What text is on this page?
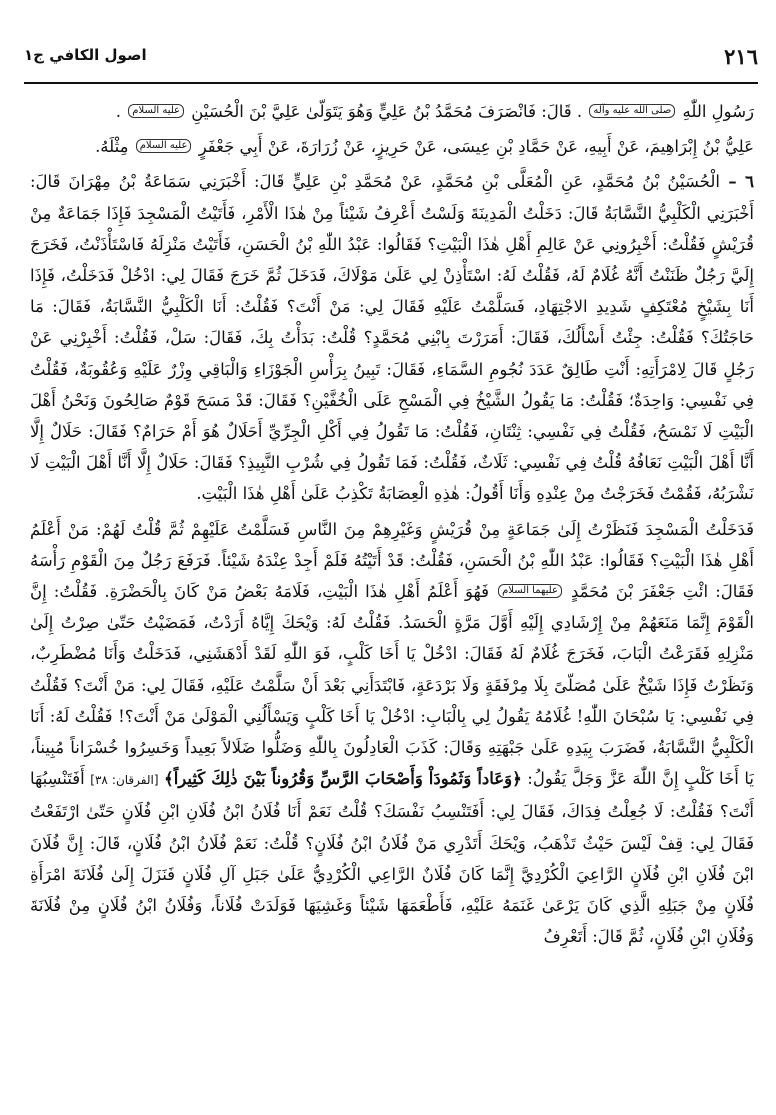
٢١٦
اصول الكافي ج١

رَسُولِ اللّٰهِ صلى الله عليه وآله . قَالَ: فَانْصَرَفَ مُحَمَّدُ بْنُ عَلِيٍّ وَهُوَ يَتَوَلّىٰ عَلِيَّ بْنَ الْحُسَيْنِ عليه السلام .

عَلِيُّ بْنُ إِبْرَاهِيمَ، عَنْ أَبِيهِ، عَنْ حَمَّادِ بْنِ عِيسَى، عَنْ حَرِيزٍ، عَنْ زُرَارَةَ، عَنْ أَبِي جَعْفَرٍ عليه السلام مِثْلَهُ.

٦ – الْحُسَيْنُ بْنُ مُحَمَّدٍ، عَنِ الْمُعَلَّى بْنِ مُحَمَّدٍ، عَنْ مُحَمَّدِ بْنِ عَلِيٍّ قَالَ: أَخْبَرَنِي سَمَاعَةُ بْنُ مِهْرَانَ قَالَ: أَخْبَرَنِي الْكَلْبِيُّ النَّسَّابَةُ قَالَ: دَخَلْتُ الْمَدِينَةَ وَلَسْتُ أَعْرِفُ شَيْئاً مِنْ هٰذَا الْأَمْرِ، فَأَتَيْتُ الْمَسْجِدَ فَإِذَا جَمَاعَةٌ مِنْ قُرَيْشٍ فَقُلْتُ: أَخْبِرُونِي عَنْ عَالِمِ أَهْلِ هٰذَا الْبَيْتِ؟ فَقَالُوا: عَبْدُ اللّٰهِ بْنُ الْحَسَنِ، فَأَتَيْتُ مَنْزِلَهُ فَاسْتَأْذَنْتُ، فَخَرَجَ إِلَيَّ رَجُلٌ ظَنَنْتُ أَنَّهُ غُلَامٌ لَهُ، فَقُلْتُ لَهُ: اسْتَأْذِنْ لِي عَلَىٰ مَوْلَاكَ، فَدَخَلَ ثُمَّ خَرَجَ فَقَالَ لِي: ادْخُلْ فَدَخَلْتُ، فَإِذَا أَنَا بِشَيْخٍ مُعْتَكِفٍ شَدِيدِ الاجْتِهَادِ، فَسَلَّمْتُ عَلَيْهِ فَقَالَ لِي: مَنْ أَنْتَ؟ فَقُلْتُ: أَنَا الْكَلْبِيُّ النَّسَّابَةُ، فَقَالَ: مَا حَاجَتُكَ؟ فَقُلْتُ: جِئْتُ أَسْأَلُكَ، فَقَالَ: أَمَرَرْتَ بِابْنِي مُحَمَّدٍ؟ قُلْتُ: بَدَأْتُ بِكَ، فَقَالَ: سَلْ، فَقُلْتُ: أَخْبِرْنِي عَنْ رَجُلٍ قَالَ لِامْرَأَتِهِ: أَنْتِ طَالِقٌ عَدَدَ نُجُومِ السَّمَاءِ، فَقَالَ: تَبِينُ بِرَأْسِ الْجَوْزَاءِ وَالْبَاقِي وِزْرٌ عَلَيْهِ وَعُقُوبَةٌ، فَقُلْتُ فِي نَفْسِي: وَاحِدَةٌ؛ فَقُلْتُ: مَا يَقُولُ الشَّيْخُ فِي الْمَسْحِ عَلَى الْخُفَّيْنِ؟ فَقَالَ: قَدْ مَسَحَ قَوْمٌ صَالِحُونَ وَنَحْنُ أَهْلَ الْبَيْتِ لَا نَمْسَحُ، فَقُلْتُ فِي نَفْسِي: ثِنْتَانِ، فَقُلْتُ: مَا تَقُولُ فِي أَكْلِ الْجِرِّيِّ أَحَلَالٌ هُوَ أَمْ حَرَامٌ؟ فَقَالَ: حَلَالٌ إِلَّا أَنَّا أَهْلَ الْبَيْتِ نَعَافُهُ قُلْتُ فِي نَفْسِي: ثَلَاثٌ، فَقُلْتُ: فَمَا تَقُولُ فِي شُرْبِ النَّبِيذِ؟ فَقَالَ: حَلَالٌ إِلَّا أَنَّا أَهْلَ الْبَيْتِ لَا نَشْرَبُهُ، فَقُمْتُ فَخَرَجْتُ مِنْ عِنْدِهِ وَأَنَا أَقُولُ: هٰذِهِ الْعِصَابَةُ تَكْذِبُ عَلَىٰ أَهْلِ هٰذَا الْبَيْتِ.

فَدَخَلْتُ الْمَسْجِدَ فَنَظَرْتُ إِلَىٰ جَمَاعَةٍ مِنْ قُرَيْشٍ وَغَيْرِهِمْ مِنَ النَّاسِ فَسَلَّمْتُ عَلَيْهِمْ ثُمَّ قُلْتُ لَهُمْ: مَنْ أَعْلَمُ أَهْلِ هٰذَا الْبَيْتِ؟ فَقَالُوا: عَبْدُ اللّٰهِ بْنُ الْحَسَنِ، فَقُلْتُ: قَدْ أَتَيْتُهُ فَلَمْ أَجِدْ عِنْدَهُ شَيْئاً. فَرَفَعَ رَجُلٌ مِنَ الْقَوْمِ رَأْسَهُ فَقَالَ: ائْتِ جَعْفَرَ بْنَ مُحَمَّدٍ عليهما السلام فَهُوَ أَعْلَمُ أَهْلِ هٰذَا الْبَيْتِ، فَلَامَهُ بَعْضُ مَنْ كَانَ بِالْحَضْرَةِ. فَقُلْتُ: إِنَّ الْقَوْمَ إِنَّمَا مَنَعَهُمْ مِنْ إِرْشَادِي إِلَيْهِ أَوَّلَ مَرَّةٍ الْحَسَدُ. فَقُلْتُ لَهُ: وَيْحَكَ إِيَّاهُ أَرَدْتُ، فَمَضَيْتُ حَتّىٰ صِرْتُ إِلَىٰ مَنْزِلِهِ فَقَرَعْتُ الْبَابَ، فَخَرَجَ غُلَامٌ لَهُ فَقَالَ: ادْخُلْ يَا أَخَا كَلْبٍ، فَوَ اللّٰهِ لَقَدْ أَدْهَشَنِي، فَدَخَلْتُ وَأَنَا مُضْطَرِبٌ، وَنَظَرْتُ فَإِذَا شَيْخٌ عَلَىٰ مُصَلّىً بِلَا مِرْفَقَةٍ وَلَا بَرْدَعَةٍ، فَابْتَدَأَنِي بَعْدَ أَنْ سَلَّمْتُ عَلَيْهِ، فَقَالَ لِي: مَنْ أَنْتَ؟ فَقُلْتُ فِي نَفْسِي: يَا سُبْحَانَ اللّٰهِ! غُلَامُهُ يَقُولُ لِي بِالْبَابِ: ادْخُلْ يَا أَخَا كَلْبٍ وَيَسْأَلُنِي الْمَوْلَىٰ مَنْ أَنْتَ؟! فَقُلْتُ لَهُ: أَنَا الْكَلْبِيُّ النَّسَّابَةُ، فَضَرَبَ بِيَدِهِ عَلَىٰ جَبْهَتِهِ وَقَالَ: كَذَبَ الْعَادِلُونَ بِاللّٰهِ وَضَلُّوا ضَلَالاً بَعِيداً وَخَسِرُوا خُسْرَاناً مُبِيناً، يَا أَخَا كَلْبٍ إِنَّ اللّٰهَ عَزَّ وَجَلَّ يَقُولُ: ﴿وَعَاداً وَثَمُودَاْ وَأَصْحَابَ الرَّسِّ وَقُرُوناً بَيْنَ ذٰلِكَ كَثِيراً﴾ [الفرقان: ٣٨] أَفَتَنْسِبُهَا أَنْتَ؟ فَقُلْتُ: لَا جُعِلْتُ فِدَاكَ، فَقَالَ لِي: أَفَتَنْسِبُ نَفْسَكَ؟ قُلْتُ نَعَمْ أَنَا فُلَانُ ابْنُ فُلَانِ ابْنِ فُلَانٍ حَتّىٰ ارْتَفَعْتُ فَقَالَ لِي: قِفْ لَيْسَ حَيْثُ تَذْهَبُ، وَيْحَكَ أَتَدْرِي مَنْ فُلَانُ ابْنُ فُلَانٍ؟ قُلْتُ: نَعَمْ فُلَانُ ابْنُ فُلَانٍ، قَالَ: إِنَّ فُلَانَ ابْنَ فُلَانِ ابْنِ فُلَانٍ الرَّاعِيَ الْكُرْدِيَّ إِنَّمَا كَانَ فُلَانٌ الرَّاعِي الْكُرْدِيُّ عَلَىٰ جَبَلِ آلِ فُلَانٍ فَنَزَلَ إِلَىٰ فُلَانَةَ امْرَأَةِ فُلَانٍ مِنْ جَبَلِهِ الَّذِي كَانَ يَرْعَىٰ غَنَمَهُ عَلَيْهِ، فَأَطْعَمَهَا شَيْئاً وَغَشِيَهَا فَوَلَدَتْ فُلَاناً، وَفُلَانُ ابْنُ فُلَانٍ مِنْ فُلَانَةَ وَفُلَانِ ابْنِ فُلَانٍ، ثُمَّ قَالَ: أَتَعْرِفُ
